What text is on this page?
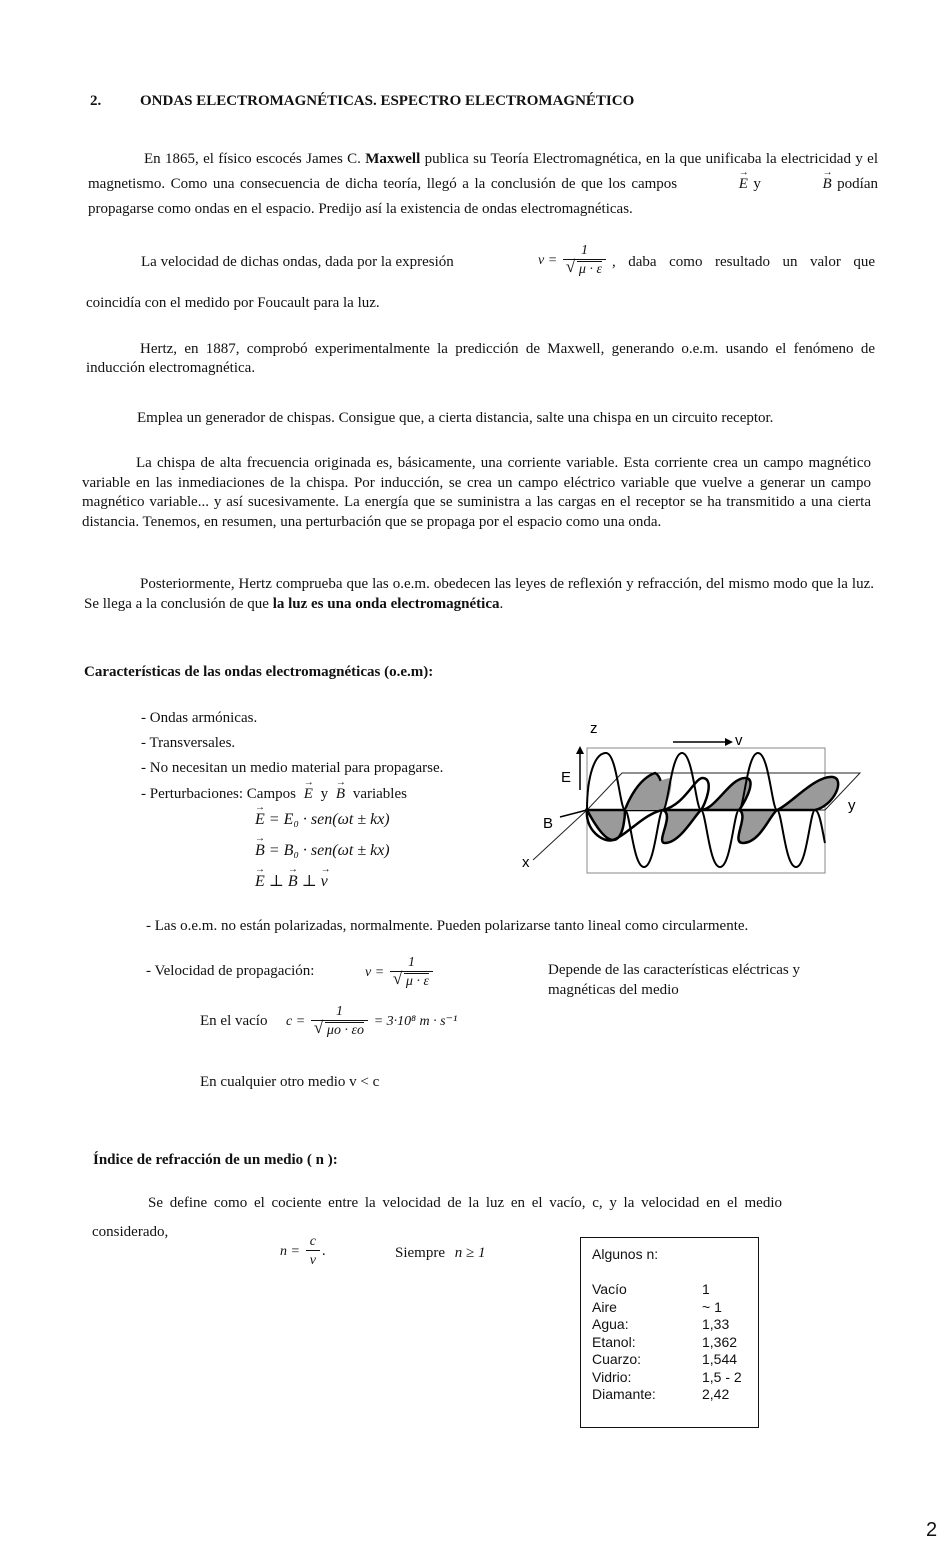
2.	ONDAS ELECTROMAGNÉTICAS. ESPECTRO ELECTROMAGNÉTICO
En 1865, el físico escocés James C. Maxwell publica su Teoría Electromagnética, en la que unificaba la electricidad y el magnetismo. Como una consecuencia de dicha teoría, llegó a la conclusión de que los campos	→ E y	→ B podían propagarse como ondas en el espacio. Predijo así la existencia de ondas electromagnéticas.
La velocidad de dichas ondas, dada por la expresión	v = 1
√ μ · ε , daba como resultado un valor que
coincidía con el medido por Foucault para la luz.
Hertz, en 1887, comprobó experimentalmente la predicción de Maxwell, generando o.e.m. usando el fenómeno de inducción electromagnética.
Emplea un generador de chispas. Consigue que, a cierta distancia, salte una chispa en un circuito receptor.
La chispa de alta frecuencia originada es, básicamente, una corriente variable. Esta corriente crea un campo magnético variable en las inmediaciones de la chispa. Por inducción, se crea un campo eléctrico variable que vuelve a generar un campo magnético variable... y así sucesivamente. La energía que se suministra a las cargas en el receptor se ha transmitido a una cierta distancia. Tenemos, en resumen, una perturbación que se propaga por el espacio como una onda.
Posteriormente, Hertz comprueba que las o.e.m. obedecen las leyes de reflexión y refracción, del mismo modo que la luz. Se llega a la conclusión de que la luz es una onda electromagnética.
Características de las ondas electromagnéticas (o.e.m):
- Ondas armónicas.
- Transversales.
- No necesitan un medio material para propagarse.
- Perturbaciones: Campos → E y → B variables
→ E = E₀ · sen(ωt ± kx)
→ B = B₀ · sen(ωt ± kx)
→ E ⊥ → B ⊥ → v
z
v
E
B
y
x
- Las o.e.m. no están polarizadas, normalmente. Pueden polarizarse tanto lineal como circularmente.
- Velocidad de propagación:	v = 1
√ μ · ε	Depende de las características eléctricas y magnéticas del medio
En el vacío c = 1
√ μo · εo = 3·10⁸ m · s⁻¹
En cualquier otro medio v < c
Índice de refracción de un medio ( n ):
Se define como el cociente entre la velocidad de la luz en el vacío, c, y la velocidad en el medio considerado,
$n = \frac{c}{v}$ .	Siempre n ≥ 1	Algunos n:
Vacío	1
Aire	~ 1
Agua:	1,33
Etanol:	1,362
Cuarzo:	1,544
Vidrio:	1,5 - 2
Diamante:	2,42
2
